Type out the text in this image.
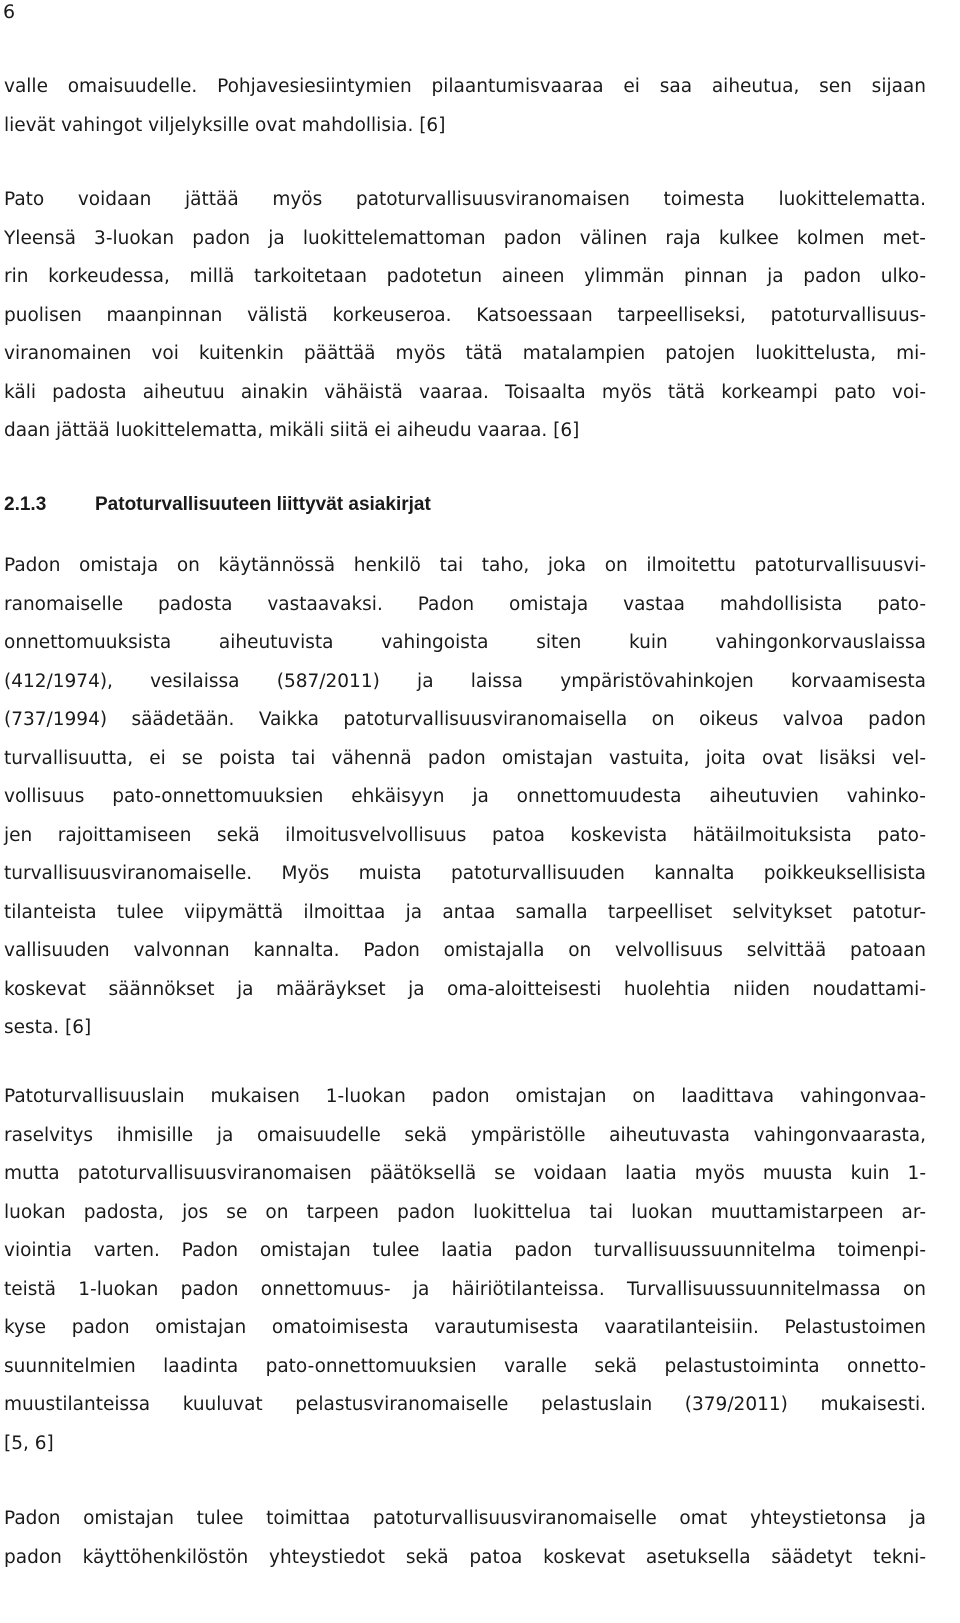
6
valle omaisuudelle. Pohjavesiesiintymien pilaantumisvaaraa ei saa aiheutua, sen sijaan
lievät vahingot viljelyksille ovat mahdollisia. [6]
Pato voidaan jättää myös patoturvallisuusviranomaisen toimesta luokittelematta.
Yleensä 3-luokan padon ja luokittelemattoman padon välinen raja kulkee kolmen met-
rin korkeudessa, millä tarkoitetaan padotetun aineen ylimmän pinnan ja padon ulko-
puolisen maanpinnan välistä korkeuseroa. Katsoessaan tarpeelliseksi, patoturvallisuus-
viranomainen voi kuitenkin päättää myös tätä matalampien patojen luokittelusta, mi-
käli padosta aiheutuu ainakin vähäistä vaaraa. Toisaalta myös tätä korkeampi pato voi-
daan jättää luokittelematta, mikäli siitä ei aiheudu vaaraa. [6]
2.1.3	Patoturvallisuuteen liittyvät asiakirjat
Padon omistaja on käytännössä henkilö tai taho, joka on ilmoitettu patoturvallisuusvi-
ranomaiselle padosta vastaavaksi. Padon omistaja vastaa mahdollisista pato-
onnettomuuksista aiheutuvista vahingoista siten kuin vahingonkorvauslaissa
(412/1974), vesilaissa (587/2011) ja laissa ympäristövahinkojen korvaamisesta
(737/1994) säädetään. Vaikka patoturvallisuusviranomaisella on oikeus valvoa padon
turvallisuutta, ei se poista tai vähennä padon omistajan vastuita, joita ovat lisäksi vel-
vollisuus pato-onnettomuuksien ehkäisyyn ja onnettomuudesta aiheutuvien vahinko-
jen rajoittamiseen sekä ilmoitusvelvollisuus patoa koskevista hätäilmoituksista pato-
turvallisuusviranomaiselle. Myös muista patoturvallisuuden kannalta poikkeuksellisista
tilanteista tulee viipymättä ilmoittaa ja antaa samalla tarpeelliset selvitykset patotur-
vallisuuden valvonnan kannalta. Padon omistajalla on velvollisuus selvittää patoaan
koskevat säännökset ja määräykset ja oma-aloitteisesti huolehtia niiden noudattami-
sesta. [6]
Patoturvallisuuslain mukaisen 1-luokan padon omistajan on laadittava vahingonvaa-
raselvitys ihmisille ja omaisuudelle sekä ympäristölle aiheutuvasta vahingonvaarasta,
mutta patoturvallisuusviranomaisen päätöksellä se voidaan laatia myös muusta kuin 1-
luokan padosta, jos se on tarpeen padon luokittelua tai luokan muuttamistarpeen ar-
viointia varten. Padon omistajan tulee laatia padon turvallisuussuunnitelma toimenpi-
teistä 1-luokan padon onnettomuus- ja häiriötilanteissa. Turvallisuussuunnitelmassa on
kyse padon omistajan omatoimisesta varautumisesta vaaratilanteisiin. Pelastustoimen
suunnitelmien laadinta pato-onnettomuuksien varalle sekä pelastustoiminta onnetto-
muustilanteissa kuuluvat pelastusviranomaiselle pelastuslain (379/2011) mukaisesti.
[5, 6]
Padon omistajan tulee toimittaa patoturvallisuusviranomaiselle omat yhteystietonsa ja
padon käyttöhenkilöstön yhteystiedot sekä patoa koskevat asetuksella säädetyt tekni-
